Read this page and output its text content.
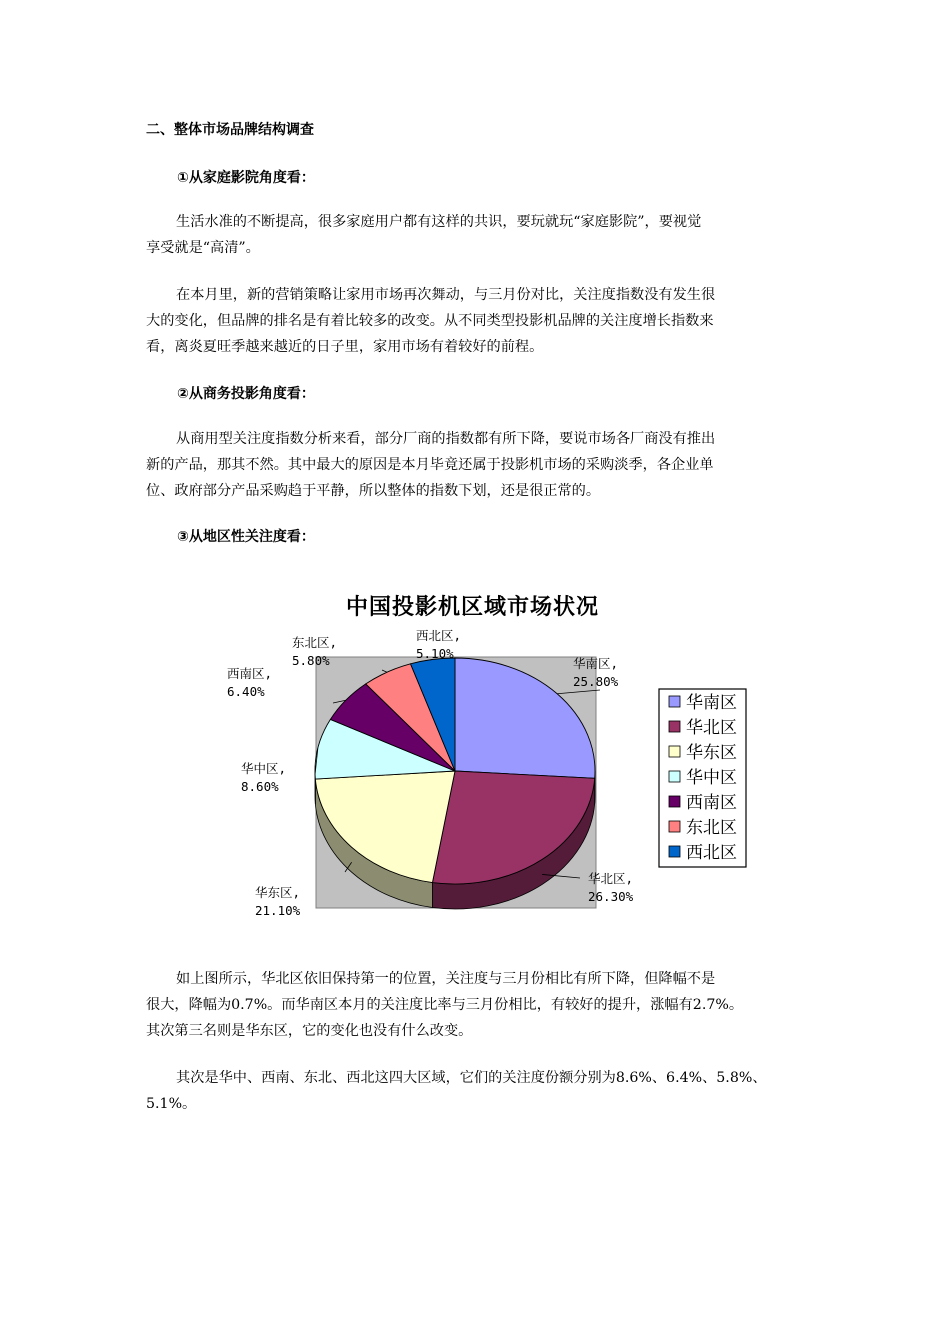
二、整体市场品牌结构调查
①从家庭影院角度看：
生活水准的不断提高，很多家庭用户都有这样的共识，要玩就玩“家庭影院”，要视觉
享受就是“高清”。
在本月里，新的营销策略让家用市场再次舞动，与三月份对比，关注度指数没有发生很
大的变化，但品牌的排名是有着比较多的改变。从不同类型投影机品牌的关注度增长指数来
看，离炎夏旺季越来越近的日子里，家用市场有着较好的前程。
②从商务投影角度看：
从商用型关注度指数分析来看，部分厂商的指数都有所下降，要说市场各厂商没有推出
新的产品，那其不然。其中最大的原因是本月毕竟还属于投影机市场的采购淡季，各企业单
位、政府部分产品采购趋于平静，所以整体的指数下划，还是很正常的。
③从地区性关注度看：
中国投影机区域市场状况
华南区,
25.80%
华北区,
26.30%
华东区,
21.10%
华中区,
8.60%
西南区,
6.40%
东北区,
5.80%
西北区,
5.10%
华南区
华北区
华东区
华中区
西南区
东北区
西北区
如上图所示，华北区依旧保持第一的位置，关注度与三月份相比有所下降，但降幅不是
很大，降幅为0.7%。而华南区本月的关注度比率与三月份相比，有较好的提升，涨幅有2.7%。
其次第三名则是华东区，它的变化也没有什么改变。
其次是华中、西南、东北、西北这四大区域，它们的关注度份额分别为8.6%、6.4%、5.8%、
5.1%。
